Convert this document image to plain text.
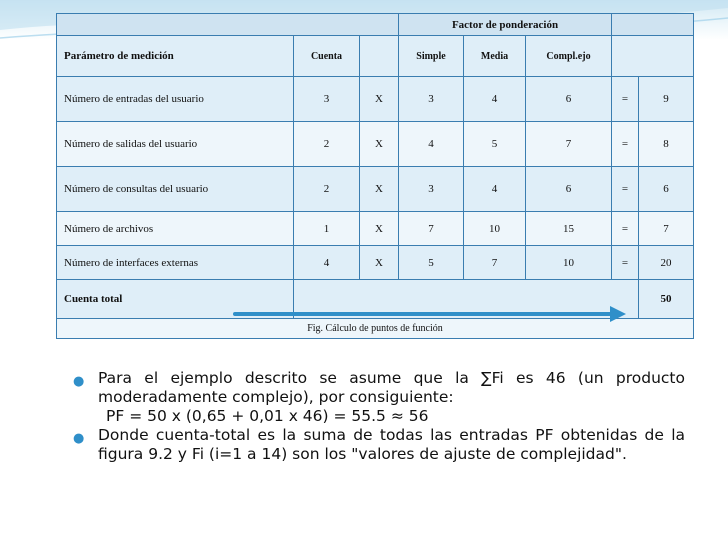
			Factor de ponderación				
Parámetro de medición	Cuenta		Simple	Media	Compl.ejo		
Número de entradas del usuario	3	X	3	4	6	=	9
Número de salidas del usuario	2	X	4	5	7	=	8
Número de consultas del usuario	2	X	3	4	6	=	6
Número de archivos	1	X	7	10	15	=	7
Número de interfaces externas	4	X	5	7	10	=	20
Cuenta total							50
Fig. Cálculo de puntos de función							
● Para el ejemplo descrito se asume que la ∑Fi es 46 (un producto moderadamente complejo), por consiguiente:
PF = 50 x (0,65 + 0,01 x 46) = 55.5 ≈ 56
● Donde cuenta-total es la suma de todas las entradas PF obtenidas de la figura 9.2 y Fi (i=1 a 14) son los "valores de ajuste de complejidad".
